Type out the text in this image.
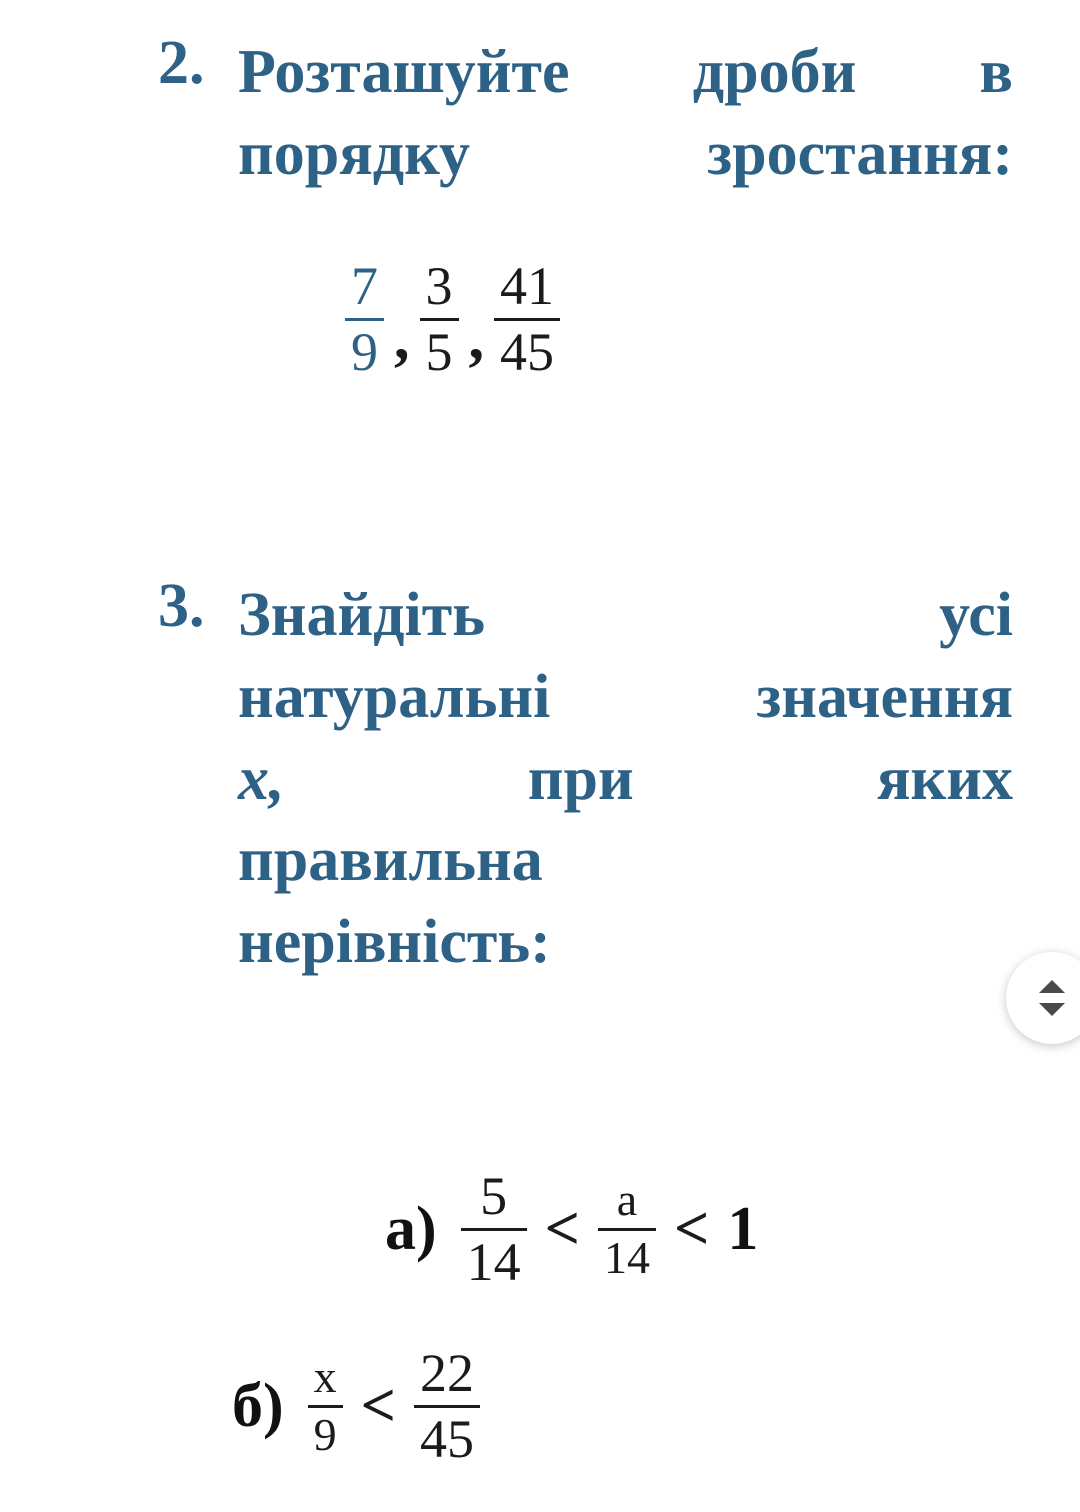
2. Розташуйте дроби в
порядку зростання:
$\frac{7}{9}$ , $\frac{3}{5}$ , $\frac{41}{45}$
3. Знайдіть	усі
натуральні значення
x,	при	яких
правильна
нерівність:
$а) \frac{5}{14} < \frac{а}{14} < 1$
$б) \frac{х}{9} < \frac{22}{45}$
